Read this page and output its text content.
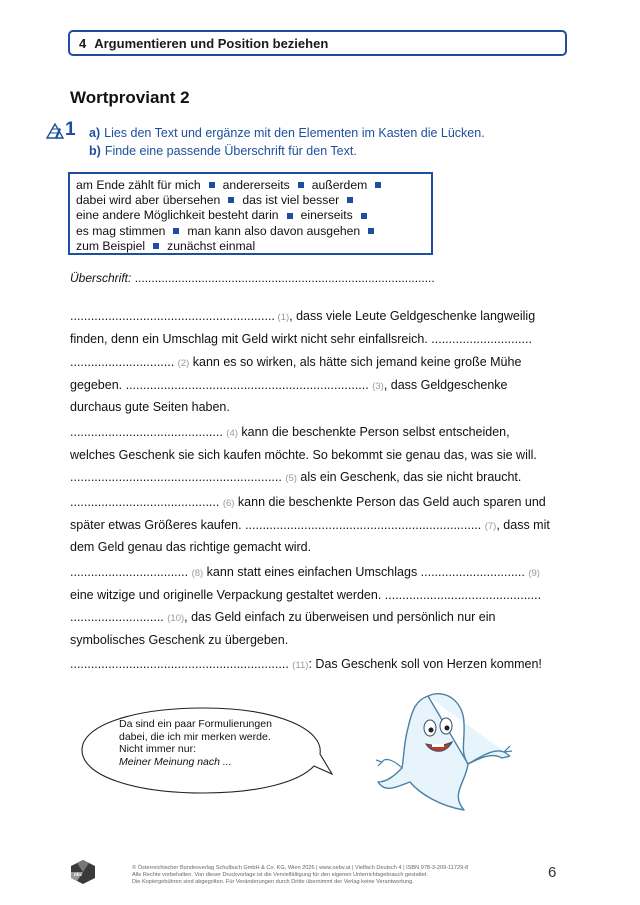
4 Argumentieren und Position beziehen
Wortproviant 2
1 a) Lies den Text und ergänze mit den Elementen im Kasten die Lücken.
b) Finde eine passende Überschrift für den Text.
am Ende zählt für mich andererseits außerdem
dabei wird aber übersehen das ist viel besser
eine andere Möglichkeit besteht darin einerseits
es mag stimmen man kann also davon ausgehen
zum Beispiel zunächst einmal
Überschrift: ..........................................................................................
........................................................... (1), dass viele Leute Geldgeschenke langweilig
finden, denn ein Umschlag mit Geld wirkt nicht sehr einfallsreich. .............................
.............................. (2) kann es so wirken, als hätte sich jemand keine große Mühe
gegeben. ...................................................................... (3), dass Geldgeschenke
durchaus gute Seiten haben.
............................................ (4) kann die beschenkte Person selbst entscheiden,
welches Geschenk sie sich kaufen möchte. So bekommt sie genau das, was sie will.
............................................................. (5) als ein Geschenk, das sie nicht braucht.
........................................... (6) kann die beschenkte Person das Geld auch sparen und
später etwas Größeres kaufen. .................................................................... (7), dass mit
dem Geld genau das richtige gemacht wird.
.................................. (8) kann statt eines einfachen Umschlags .............................. (9)
eine witzige und originelle Verpackung gestaltet werden. .............................................
........................... (10), das Geld einfach zu überweisen und persönlich nur ein
symbolisches Geschenk zu übergeben.
............................................................... (11): Das Geschenk soll von Herzen kommen!
Da sind ein paar Formulierungen
dabei, die ich mir merken werde.
Nicht immer nur:
Meiner Meinung nach ...
6
öbv
© Österreichischer Bundesverlag Schulbuch GmbH & Co. KG, Wien 2026 | www.oebv.at | Vielfach Deutsch 4 | ISBN 978-3-209-11729-8
Alle Rechte vorbehalten. Von dieser Druckvorlage ist die Vervielfältigung für den eigenen Unterrichtsgebrauch gestattet.
Die Kopiergebühren sind abgegolten. Für Veränderungen durch Dritte übernimmt der Verlag keine Verantwortung.
